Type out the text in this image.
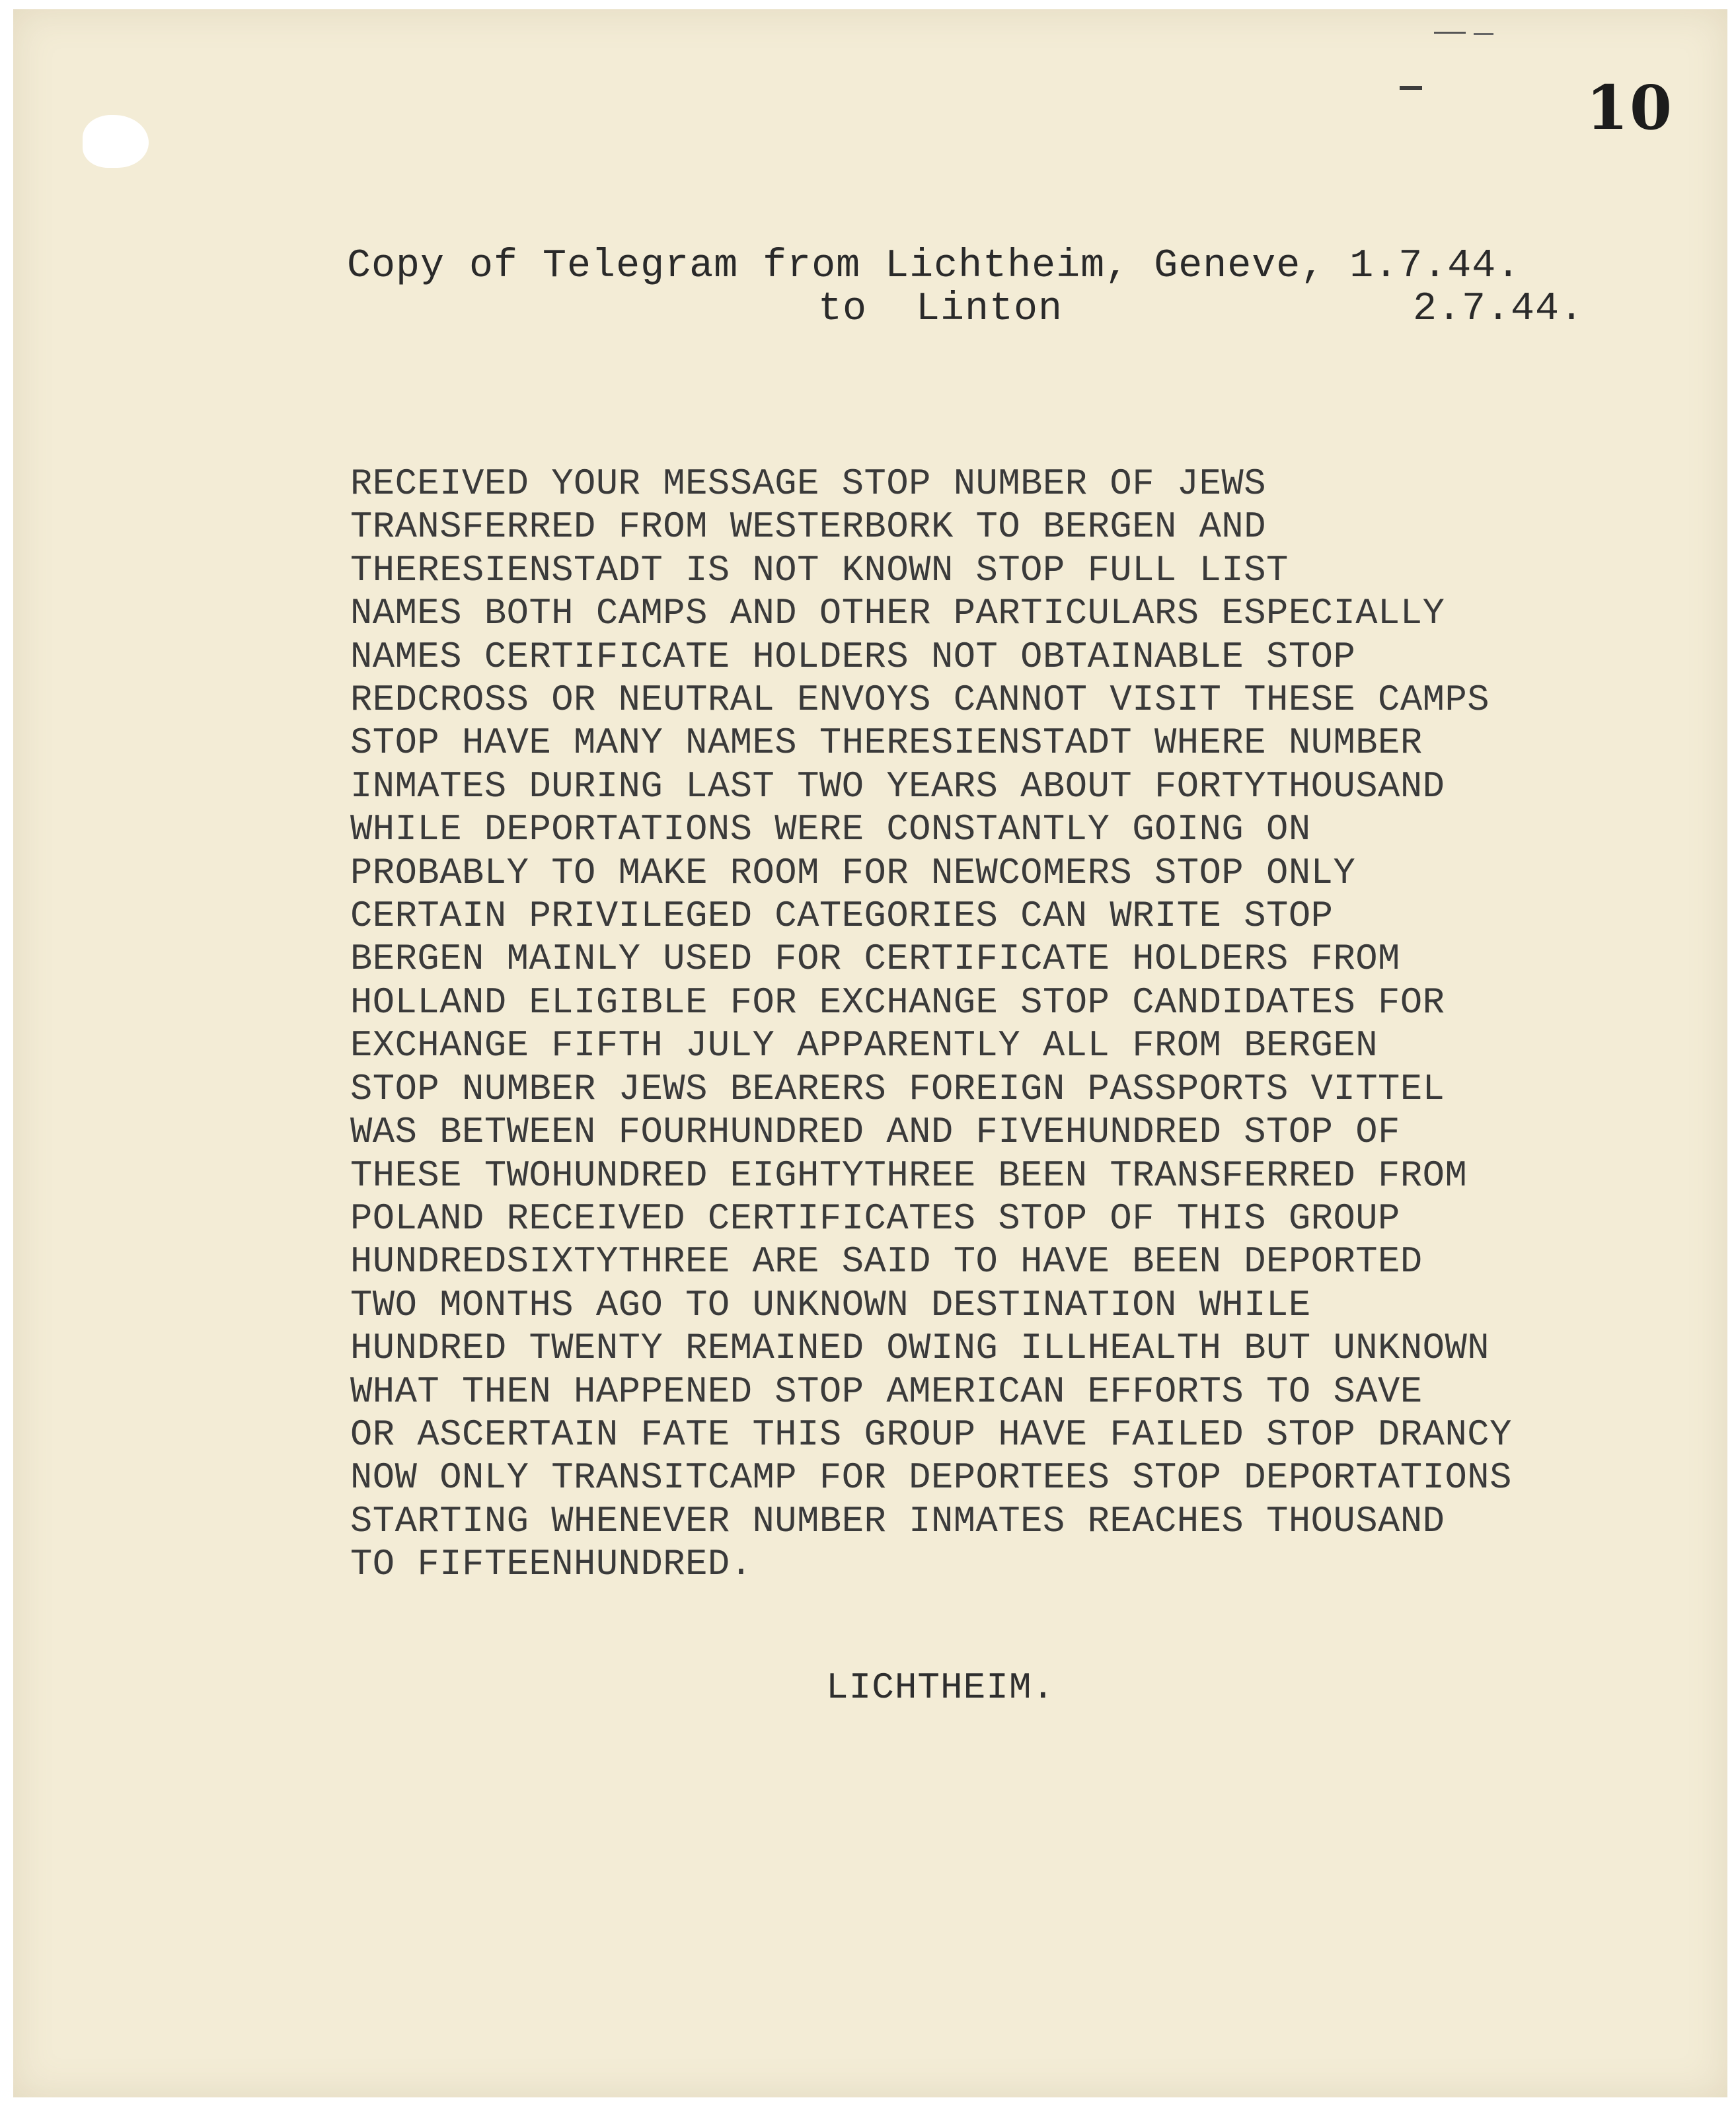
10
Copy of Telegram from Lichtheim, Geneve, 1.7.44.
to  Linton	2.7.44.
RECEIVED YOUR MESSAGE STOP NUMBER OF JEWS
TRANSFERRED FROM WESTERBORK TO BERGEN AND
THERESIENSTADT IS NOT KNOWN STOP FULL LIST
NAMES BOTH CAMPS AND OTHER PARTICULARS ESPECIALLY
NAMES CERTIFICATE HOLDERS NOT OBTAINABLE STOP
REDCROSS OR NEUTRAL ENVOYS CANNOT VISIT THESE CAMPS
STOP HAVE MANY NAMES THERESIENSTADT WHERE NUMBER
INMATES DURING LAST TWO YEARS ABOUT FORTYTHOUSAND
WHILE DEPORTATIONS WERE CONSTANTLY GOING ON
PROBABLY TO MAKE ROOM FOR NEWCOMERS STOP ONLY
CERTAIN PRIVILEGED CATEGORIES CAN WRITE STOP
BERGEN MAINLY USED FOR CERTIFICATE HOLDERS FROM
HOLLAND ELIGIBLE FOR EXCHANGE STOP CANDIDATES FOR
EXCHANGE FIFTH JULY APPARENTLY ALL FROM BERGEN
STOP NUMBER JEWS BEARERS FOREIGN PASSPORTS VITTEL
WAS BETWEEN FOURHUNDRED AND FIVEHUNDRED STOP OF
THESE TWOHUNDRED EIGHTYTHREE BEEN TRANSFERRED FROM
POLAND RECEIVED CERTIFICATES STOP OF THIS GROUP
HUNDREDSIXTYTHREE ARE SAID TO HAVE BEEN DEPORTED
TWO MONTHS AGO TO UNKNOWN DESTINATION WHILE
HUNDRED TWENTY REMAINED OWING ILLHEALTH BUT UNKNOWN
WHAT THEN HAPPENED STOP AMERICAN EFFORTS TO SAVE
OR ASCERTAIN FATE THIS GROUP HAVE FAILED STOP DRANCY
NOW ONLY TRANSITCAMP FOR DEPORTEES STOP DEPORTATIONS
STARTING WHENEVER NUMBER INMATES REACHES THOUSAND
TO FIFTEENHUNDRED.
LICHTHEIM.
